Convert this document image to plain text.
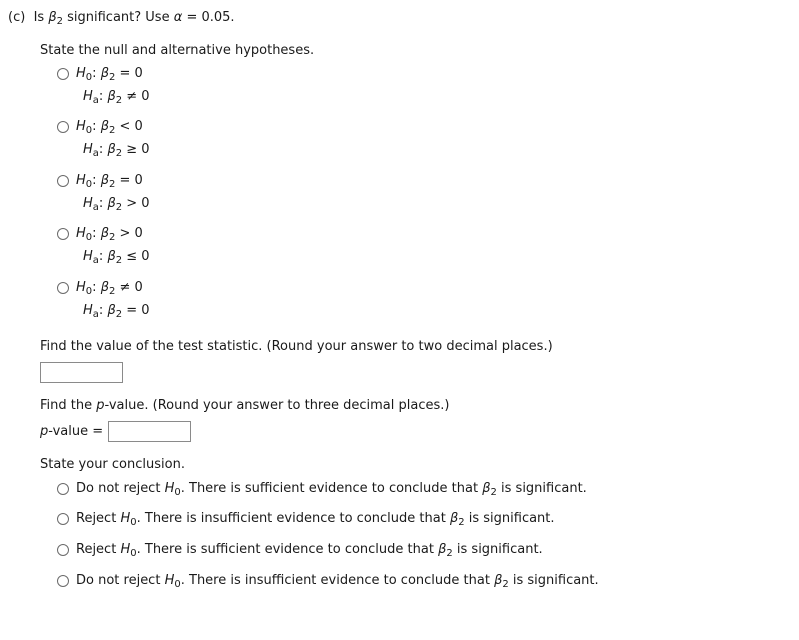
(c) Is $\beta_2$ significant? Use α = 0.05.
State the null and alternative hypotheses.
$H_0$: $\beta_2 = 0$
$H_a$: $\beta_2 \ne 0$
$H_0$: $\beta_2 < 0$
$H_a$: $\beta_2 \ge 0$
$H_0$: $\beta_2 = 0$
$H_a$: $\beta_2 > 0$
$H_0$: $\beta_2 > 0$
$H_a$: $\beta_2 \le 0$
$H_0$: $\beta_2 \ne 0$
$H_a$: $\beta_2 = 0$
Find the value of the test statistic. (Round your answer to two decimal places.)
Find the p-value. (Round your answer to three decimal places.)
p-value =
State your conclusion.
Do not reject $H_0$. There is sufficient evidence to conclude that $\beta_2$ is significant.
Reject $H_0$. There is insufficient evidence to conclude that $\beta_2$ is significant.
Reject $H_0$. There is sufficient evidence to conclude that $\beta_2$ is significant.
Do not reject $H_0$. There is insufficient evidence to conclude that $\beta_2$ is significant.
